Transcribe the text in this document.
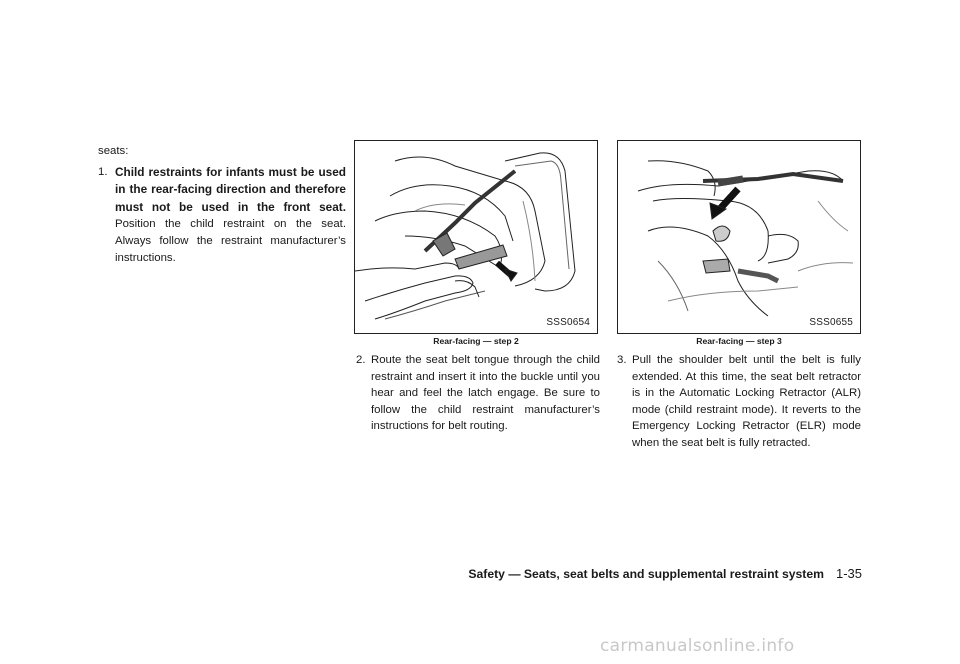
seats:

1. Child restraints for infants must be used in the rear-facing direction and therefore must not be used in the front seat. Position the child restraint on the seat. Always follow the restraint manufacturer’s instructions.
SSS0654
Rear-facing — step 2
SSS0655
Rear-facing — step 3
2. Route the seat belt tongue through the child restraint and insert it into the buckle until you hear and feel the latch engage. Be sure to follow the child restraint manufacturer’s instructions for belt routing.
3. Pull the shoulder belt until the belt is fully extended. At this time, the seat belt retractor is in the Automatic Locking Retractor (ALR) mode (child restraint mode). It reverts to the Emergency Locking Retractor (ELR) mode when the seat belt is fully retracted.
Safety — Seats, seat belts and supplemental restraint system 1-35
carmanualsonline.info
